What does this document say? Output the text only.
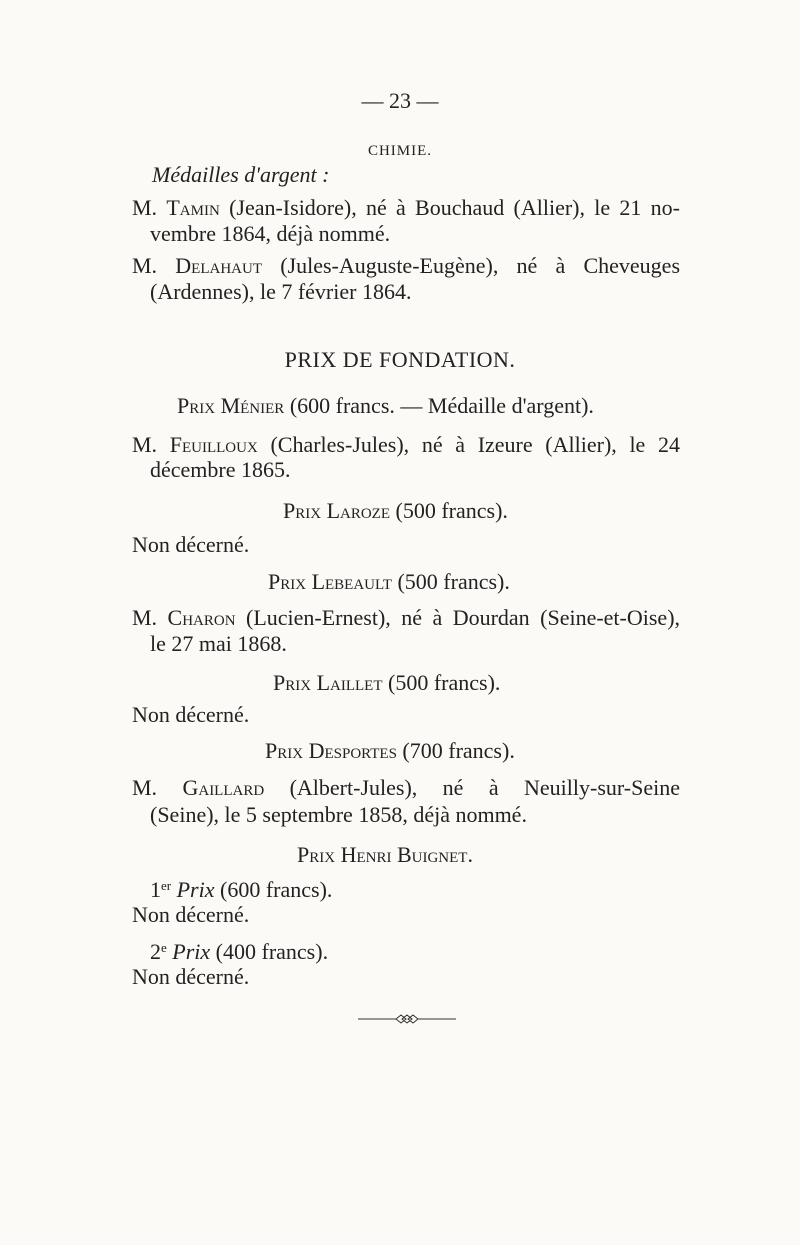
— 23 —
CHIMIE.
Médailles d'argent :
M. Tamin (Jean-Isidore), né à Bouchaud (Allier), le 21 no-
vembre 1864, déjà nommé.
M. Delahaut (Jules-Auguste-Eugène), né à Cheveuges
(Ardennes), le 7 février 1864.
PRIX DE FONDATION.
Prix Ménier (600 francs. — Médaille d'argent).
M. Feuilloux (Charles-Jules), né à Izeure (Allier), le 24
décembre 1865.
Prix Laroze (500 francs).
Non décerné.
Prix Lebeault (500 francs).
M. Charon (Lucien-Ernest), né à Dourdan (Seine-et-Oise),
le 27 mai 1868.
Prix Laillet (500 francs).
Non décerné.
Prix Desportes (700 francs).
M. Gaillard (Albert-Jules), né à Neuilly-sur-Seine
(Seine), le 5 septembre 1858, déjà nommé.
Prix Henri Buignet.
1er Prix (600 francs).
Non décerné.
2e Prix (400 francs).
Non décerné.
